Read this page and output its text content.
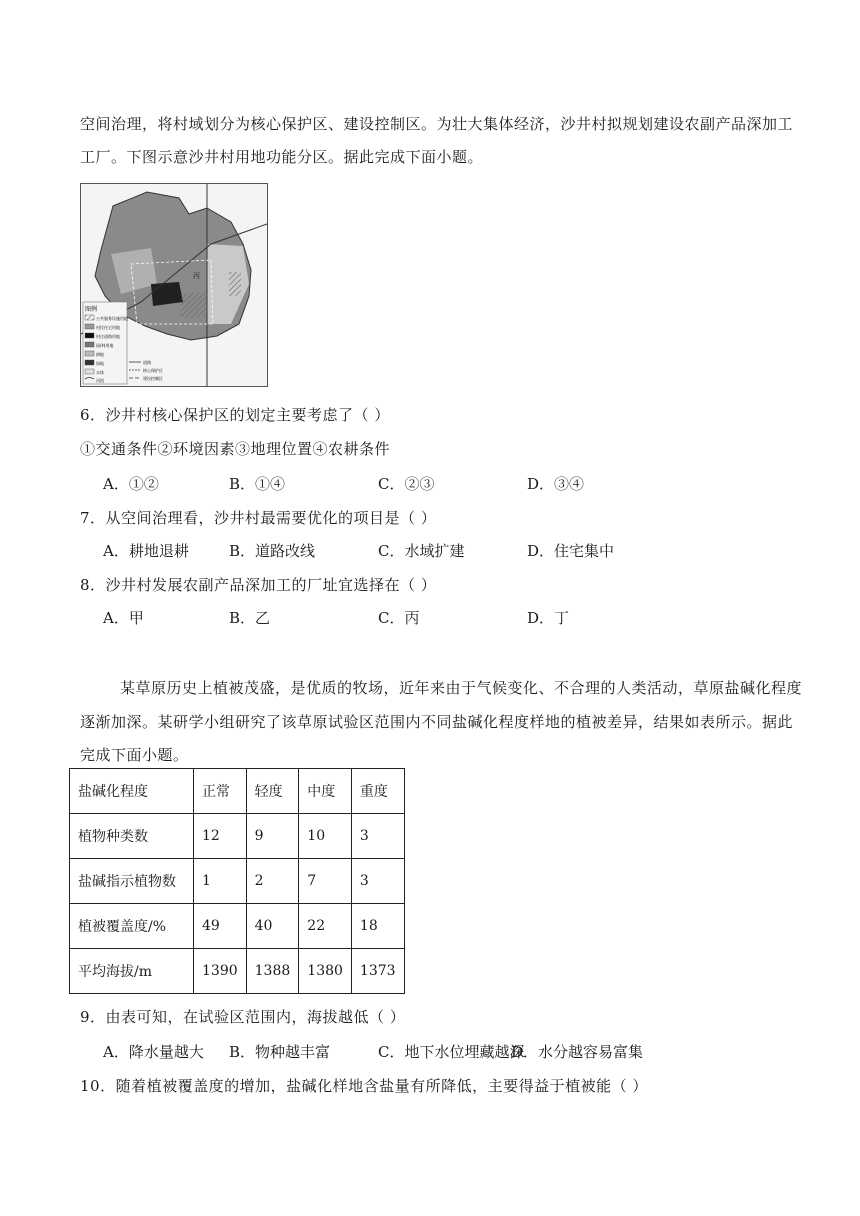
空间治理，将村域划分为核心保护区、建设控制区。为壮大集体经济，沙井村拟规划建设农副产品深加工
工厂。下图示意沙井村用地功能分区。据此完成下面小题。
图例
公共服务设施用地
村民住宅用地
村庄道路用地
园/林用地
耕地
绿地
水体
河流
道路
核心保护区
建设控制区
丙
6．沙井村核心保护区的划定主要考虑了（ ）
①交通条件②环境因素③地理位置④农耕条件
A．①②	B．①④	C．②③	D．③④
7．从空间治理看，沙井村最需要优化的项目是（ ）
A．耕地退耕	B．道路改线	C．水域扩建	D．住宅集中
8．沙井村发展农副产品深加工的厂址宜选择在（ ）
A．甲	B．乙	C．丙	D．丁
某草原历史上植被茂盛，是优质的牧场，近年来由于气候变化、不合理的人类活动，草原盐碱化程度
逐渐加深。某研学小组研究了该草原试验区范围内不同盐碱化程度样地的植被差异，结果如表所示。据此
完成下面小题。
盐碱化程度	正常	轻度	中度	重度
植物种类数	12	9	10	3
盐碱指示植物数	1	2	7	3
植被覆盖度/%	49	40	22	18
平均海拔/m	1390	1388	1380	1373
9．由表可知，在试验区范围内，海拔越低（ ）
A．降水量越大 B．物种越丰富	C．地下水位埋藏越深
D．水分越容易富集
10．随着植被覆盖度的增加，盐碱化样地含盐量有所降低，主要得益于植被能（ ）
